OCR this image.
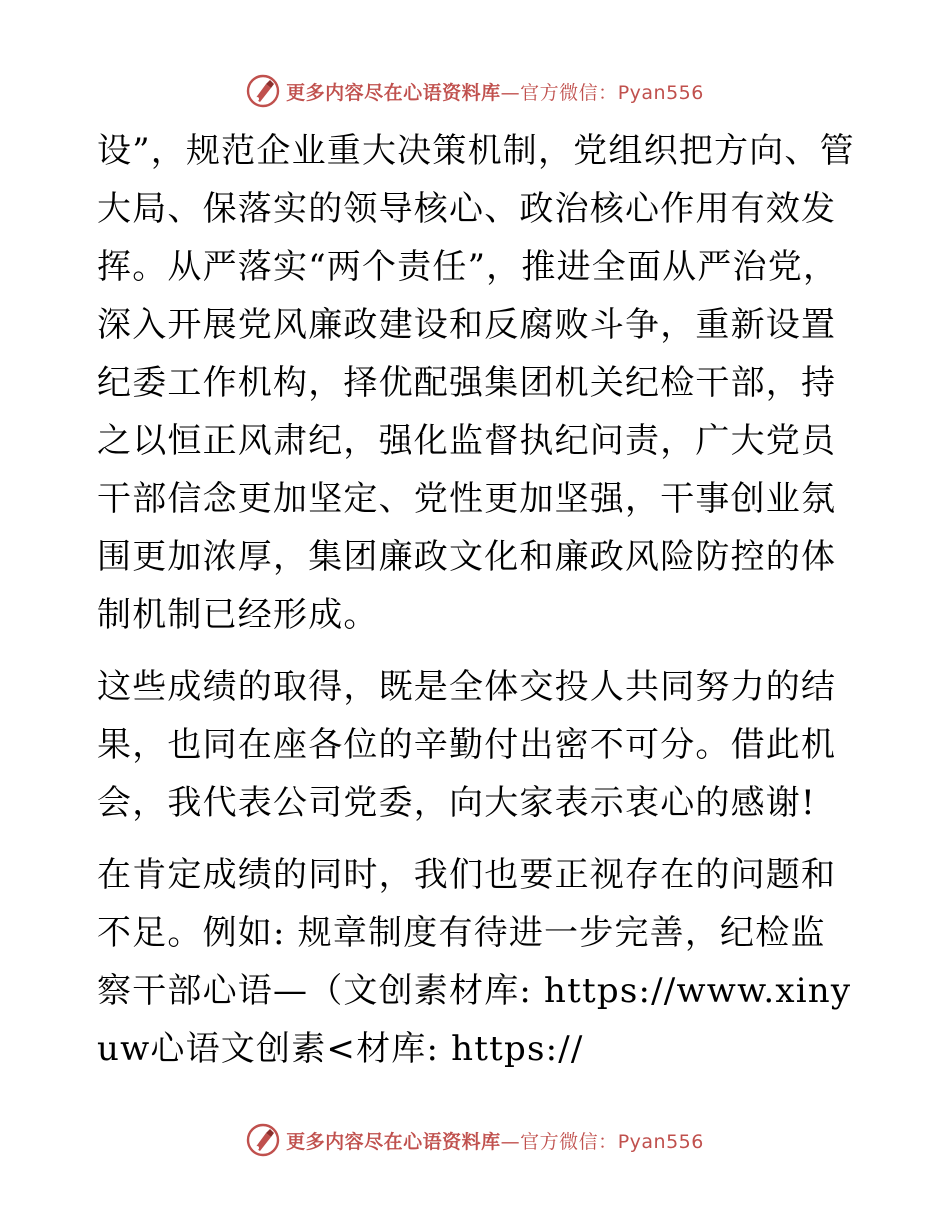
更多内容尽在心语资料库—官方微信：Pyan556

设”，规范企业重大决策机制，党组织把方向、管大局、保落实的领导核心、政治核心作用有效发挥。从严落实“两个责任”，推进全面从严治党，深入开展党风廉政建设和反腐败斗争，重新设置纪委工作机构，择优配强集团机关纪检干部，持之以恒正风肃纪，强化监督执纪问责，广大党员干部信念更加坚定、党性更加坚强，干事创业氛围更加浓厚，集团廉政文化和廉政风险防控的体制机制已经形成。

这些成绩的取得，既是全体交投人共同努力的结果，也同在座各位的辛勤付出密不可分。借此机会，我代表公司党委，向大家表示衷心的感谢!

在肯定成绩的同时，我们也要正视存在的问题和不足。例如: 规章制度有待进一步完善，纪检监察干部心语—（文创素材库: https://www.xinyuw心语文创素<材库: https://

更多内容尽在心语资料库—官方微信：Pyan556
